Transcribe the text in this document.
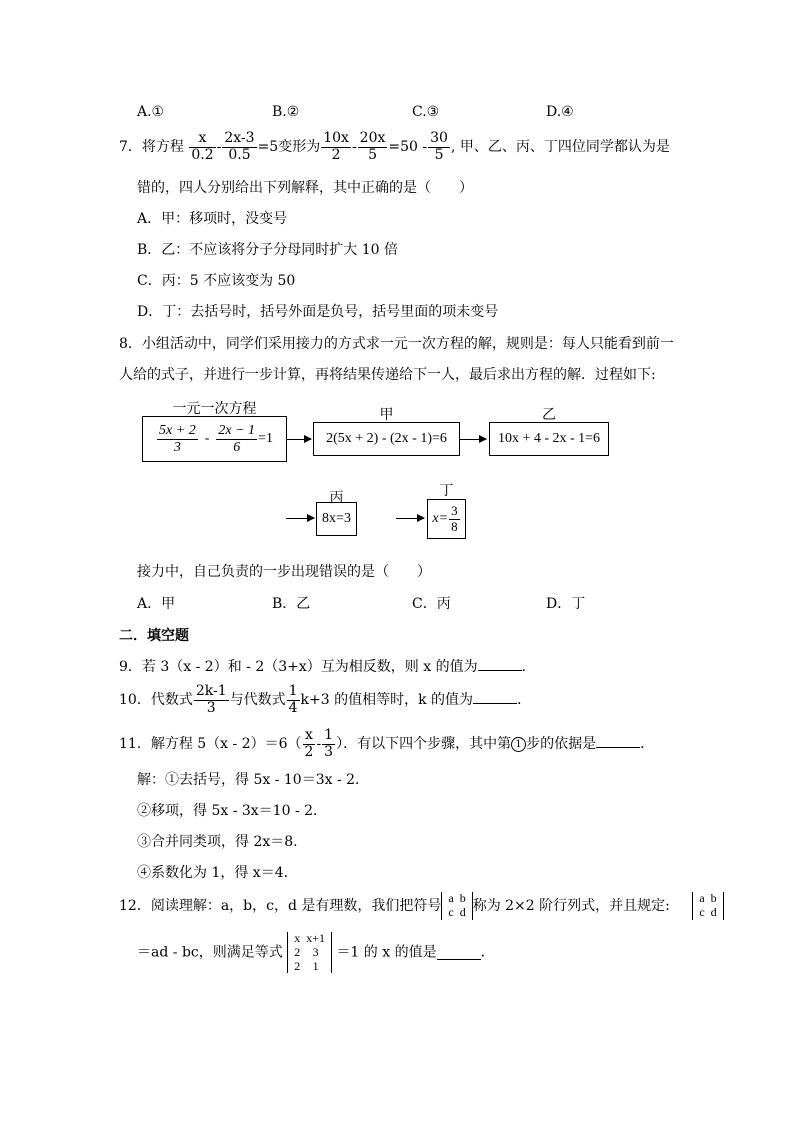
A.①	B.②	C.③	D.④
7．将方程 $\frac{x}{0.2} - \frac{2x-3}{0.5} =5$变形为 $\frac{10x}{2} - \frac{20x}{5} =50 - \frac{30}{5}$ , 甲、乙、丙、丁四位同学都认为是
错的，四人分别给出下列解释，其中正确的是（　　）
A．甲：移项时，没变号
B．乙：不应该将分子分母同时扩大 10 倍
C．丙：5 不应该变为 50
D．丁：去括号时，括号外面是负号，括号里面的项未变号
8．小组活动中，同学们采用接力的方式求一元一次方程的解，规则是：每人只能看到前一
人给的式子，并进行一步计算，再将结果传递给下一人，最后求出方程的解．过程如下:
一元一次方程
$\frac{5x + 2}{3} - \frac{2x - 1}{6} =1$
甲
2(5x + 2) - (2x - 1)=6
乙
10x + 4 - 2x - 1=6
丙
8x=3
丁
$x= \frac{3}{8}$
接力中，自己负责的一步出现错误的是（　　）
A．甲	B．乙	C．丙	D．丁
二．填空题
9．若 3（x - 2）和 - 2（3+x）互为相反数，则 x 的值为	．
10．代数式 $\frac{2k-1}{3}$ 与代数式 $\frac{1}{4} k+3$ 的值相等时，k 的值为	．
11．解方程 $5(x - 2)=6( \frac{x}{2} - \frac{1}{3}$ ）．有以下四个步骤，其中第 1 步的依据是	．
解：①去括号，得 5x - 10＝3x - 2．
②移项，得 5x - 3x＝10 - 2．
③合并同类项，得 2x＝8．
④系数化为 1，得 x＝4．
12．阅读理解：a，b，c，d 是有理数，我们把符号 a	b
c	d 称为 2×2 阶行列式，并且规定: a	b
c	d
＝ad - bc，则满足等式
x	x+1
2	3
2	1
＝1 的 x 的值是	．
